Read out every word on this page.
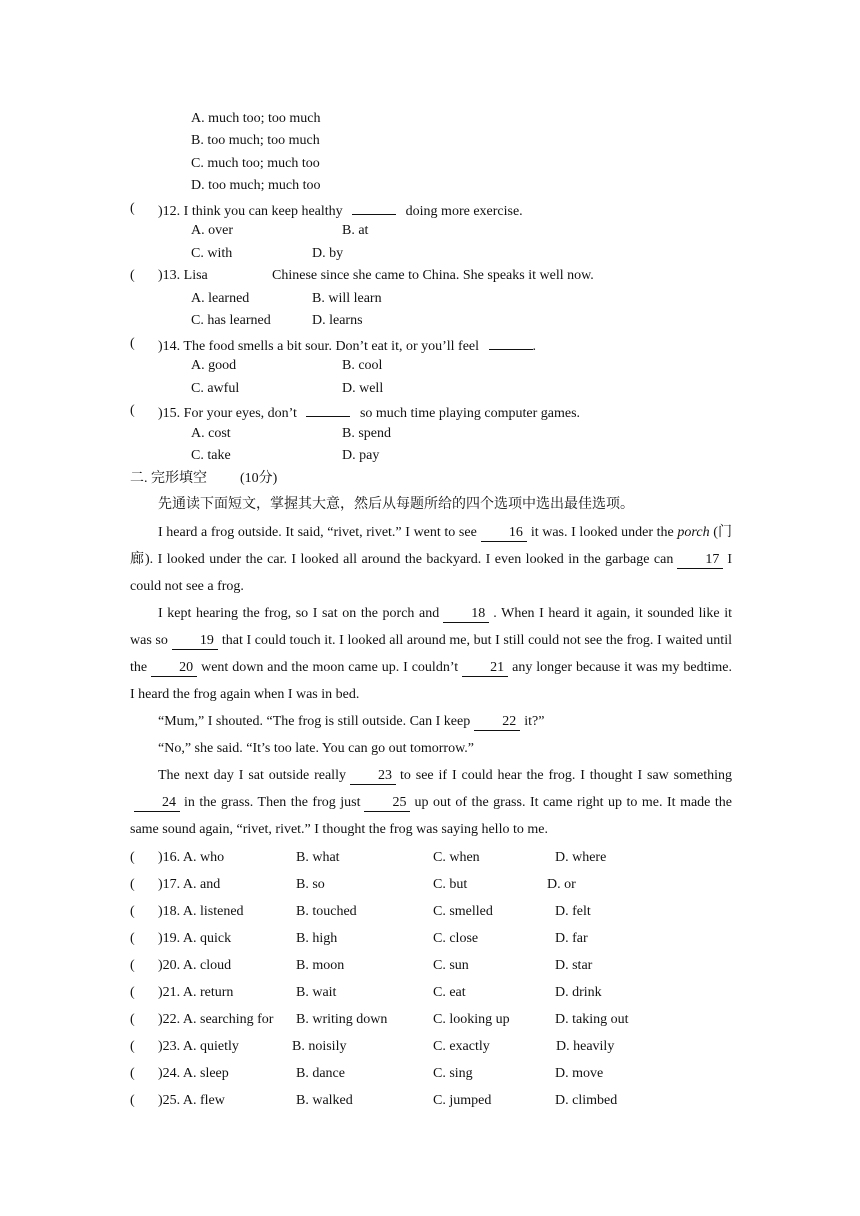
A. much too; too much
B. too much; too much
C. much too; much too
D. too much; much too
( )12. I think you can keep healthy	doing more exercise.
A. over	B. at
C. with	D. by
( )13. Lisa	Chinese since she came to China. She speaks it well now.
A. learned	B. will learn
C. has learned	D. learns
( )14. The food smells a bit sour. Don’t eat it, or you’ll feel	.
A. good	B. cool
C. awful	D. well
( )15. For your eyes, don’t	so much time playing computer games.
A. cost	B. spend
C. take	D. pay
二. 完形填空 (10分)
先通读下面短文，掌握其大意，然后从每题所给的四个选项中选出最佳选项。
I heard a frog outside. It said, “rivet, rivet.” I went to see 16 it was. I looked under the porch (门廊). I looked under the car. I looked all around the backyard. I even looked in the garbage can 17 I could not see a frog.
I kept hearing the frog, so I sat on the porch and 18 . When I heard it again, it sounded like it was so 19 that I could touch it. I looked all around me, but I still could not see the frog. I waited until the 20 went down and the moon came up. I couldn’t 21 any longer because it was my bedtime. I heard the frog again when I was in bed.
“Mum,” I shouted. “The frog is still outside. Can I keep 22 it?”
“No,” she said. “It’s too late. You can go out tomorrow.”
The next day I sat outside really 23 to see if I could hear the frog. I thought I saw something24 in the grass. Then the frog just 25 up out of the grass. It came right up to me. It made the same sound again, “rivet, rivet.” I thought the frog was saying hello to me.
( )16. A. who	B. what	C. when	D. where
( )17. A. and	B. so	C. but	D. or
( )18. A. listened	B. touched	C. smelled	D. felt
( )19. A. quick	B. high	C. close	D. far
( )20. A. cloud	B. moon	C. sun	D. star
( )21. A. return	B. wait	C. eat	D. drink
( )22. A. searching for B. writing down	C. looking up	D. taking out
( )23. A. quietly	B. noisily	C. exactly	D. heavily
( )24. A. sleep	B. dance	C. sing	D. move
( )25. A. flew	B. walked	C. jumped	D. climbed
